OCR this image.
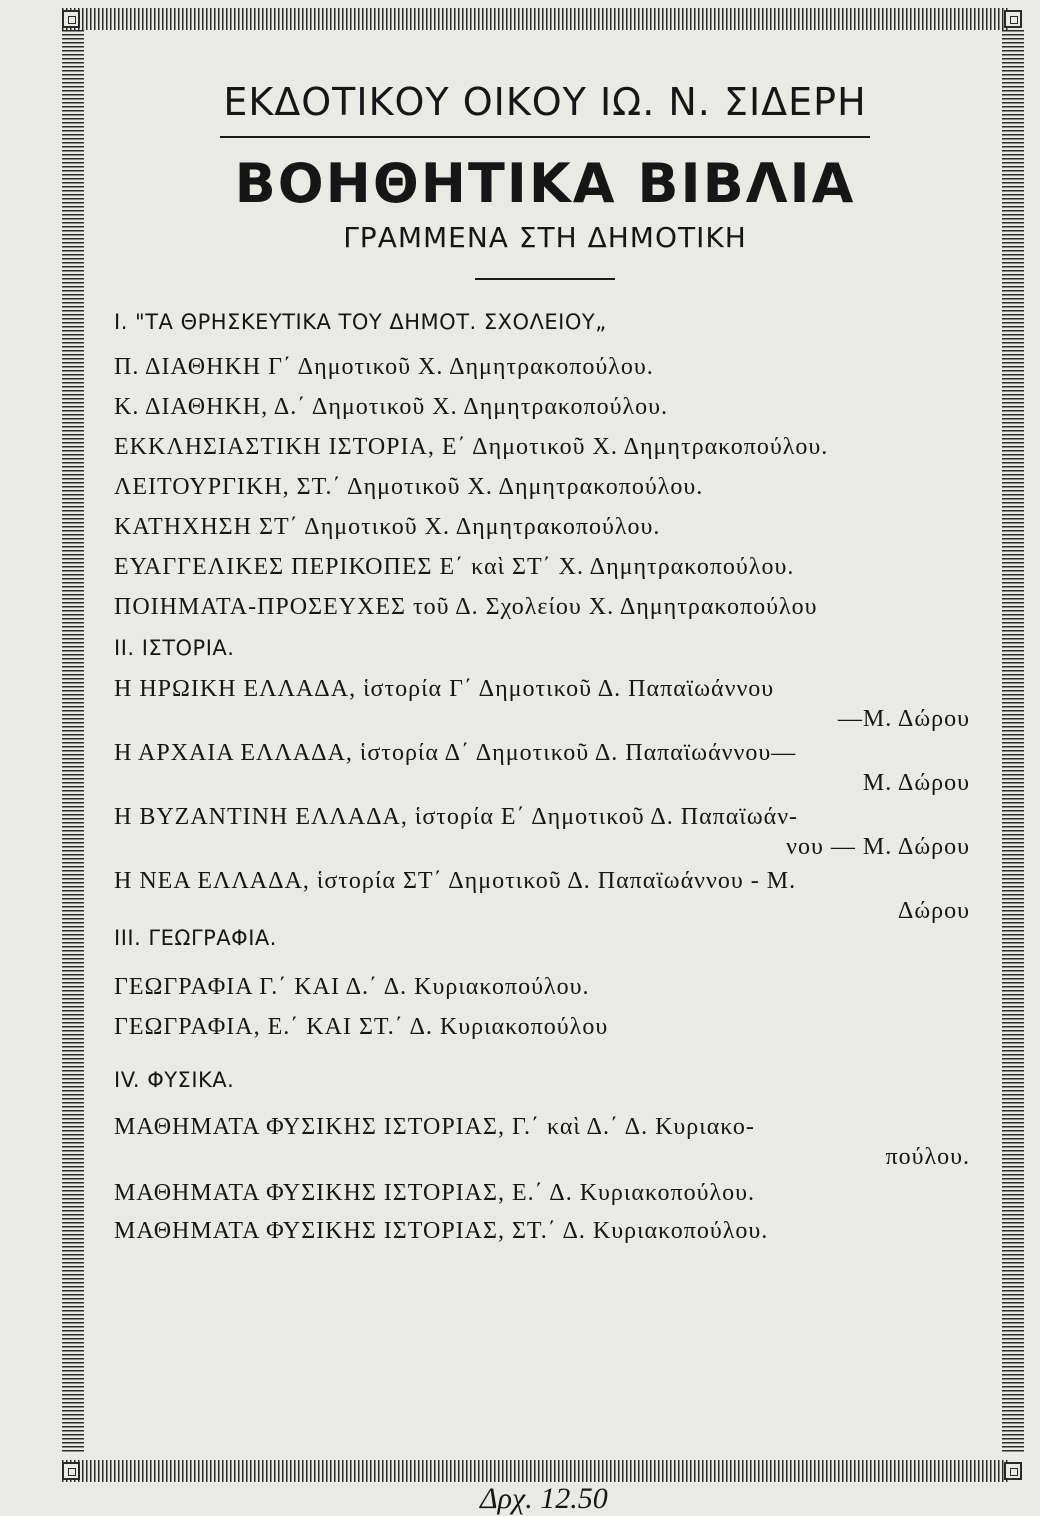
ΕΚΔΟΤΙΚΟΥ ΟΙΚΟΥ ΙΩ. Ν. ΣΙΔΕΡΗ
ΒΟΗΘΗΤΙΚΑ ΒΙΒΛΙΑ
ΓΡΑΜΜΕΝΑ ΣΤΗ ΔΗΜΟΤΙΚΗ
I. "ΤΑ ΘΡΗΣΚΕΥΤΙΚΑ ΤΟΥ ΔΗΜΟΤ. ΣΧΟΛΕΙΟΥ„
Π. ΔΙΑΘΗΚΗ Γ΄ Δημοτικοῦ Χ. Δημητρακοπούλου.
Κ. ΔΙΑΘΗΚΗ, Δ.΄ Δημοτικοῦ Χ. Δημητρακοπούλου.
ΕΚΚΛΗΣΙΑΣΤΙΚΗ ΙΣΤΟΡΙΑ, Ε΄ Δημοτικοῦ Χ. Δημητρακοπούλου.
ΛΕΙΤΟΥΡΓΙΚΗ, ΣΤ.΄ Δημοτικοῦ Χ. Δημητρακοπούλου.
ΚΑΤΗΧΗΣΗ ΣΤ΄ Δημοτικοῦ Χ. Δημητρακοπούλου.
ΕΥΑΓΓΕΛΙΚΕΣ ΠΕΡΙΚΟΠΕΣ Ε΄ καὶ ΣΤ΄ Χ. Δημητρακοπούλου.
ΠΟΙΗΜΑΤΑ-ΠΡΟΣΕΥΧΕΣ τοῦ Δ. Σχολείου Χ. Δημητρακοπούλου
II. ΙΣΤΟΡΙΑ.
Η ΗΡΩΙΚΗ ΕΛΛΑΔΑ, ἱστορία Γ΄ Δημοτικοῦ Δ. Παπαϊωάννου
—Μ. Δώρου
Η ΑΡΧΑΙΑ ΕΛΛΑΔΑ, ἱστορία Δ΄ Δημοτικοῦ Δ. Παπαϊωάννου—
Μ. Δώρου
Η ΒΥΖΑΝΤΙΝΗ ΕΛΛΑΔΑ, ἱστορία Ε΄ Δημοτικοῦ Δ. Παπαϊωάν-
νου — Μ. Δώρου
Η ΝΕΑ ΕΛΛΑΔΑ, ἱστορία ΣΤ΄ Δημοτικοῦ Δ. Παπαϊωάννου - Μ.
Δώρου
III. ΓΕΩΓΡΑΦΙΑ.
ΓΕΩΓΡΑΦΙΑ Γ.΄ ΚΑΙ Δ.΄ Δ. Κυριακοπούλου.
ΓΕΩΓΡΑΦΙΑ, Ε.΄ ΚΑΙ ΣΤ.΄ Δ. Κυριακοπούλου
IV. ΦΥΣΙΚΑ.
ΜΑΘΗΜΑΤΑ ΦΥΣΙΚΗΣ ΙΣΤΟΡΙΑΣ, Γ.΄ καὶ Δ.΄ Δ. Κυριακο-
πούλου.
ΜΑΘΗΜΑΤΑ ΦΥΣΙΚΗΣ ΙΣΤΟΡΙΑΣ, Ε.΄ Δ. Κυριακοπούλου.
ΜΑΘΗΜΑΤΑ ΦΥΣΙΚΗΣ ΙΣΤΟΡΙΑΣ, ΣΤ.΄ Δ. Κυριακοπούλου.
Δρχ. 12.50
